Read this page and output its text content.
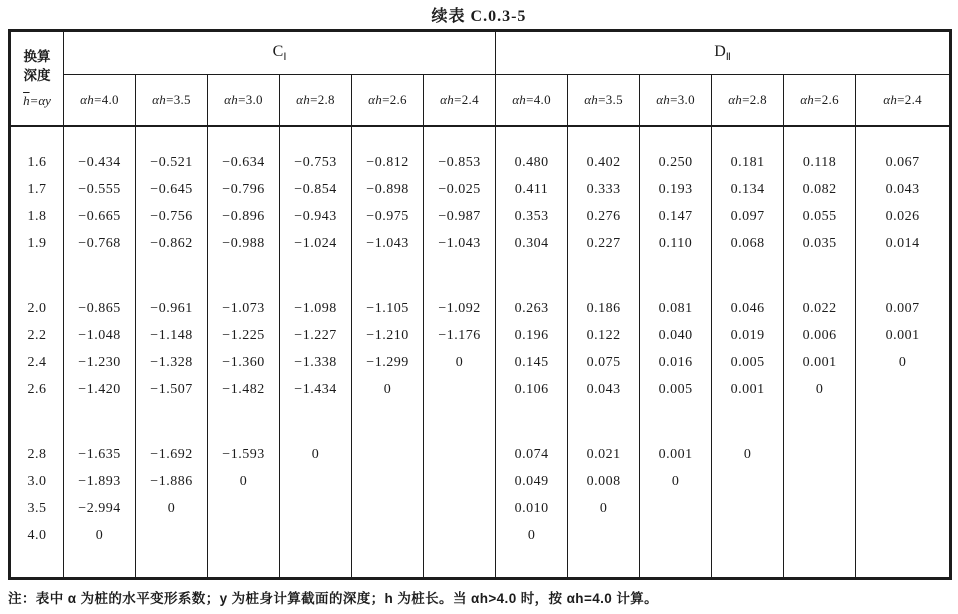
续表 C.0.3-5
换算
深度
$\overline{h}=\alpha y$	$C_Ⅰ$						$D_Ⅱ$
	αh=4.0	αh=3.5	αh=3.0	αh=2.8	αh=2.6	αh=2.4	αh=4.0	αh=3.5	αh=3.0	αh=2.8	αh=2.6	αh=2.4

1.6	−0.434	−0.521	−0.634	−0.753	−0.812	−0.853	0.480	0.402	0.250	0.181	0.118	0.067
1.7	−0.555	−0.645	−0.796	−0.854	−0.898	−0.025	0.411	0.333	0.193	0.134	0.082	0.043
1.8	−0.665	−0.756	−0.896	−0.943	−0.975	−0.987	0.353	0.276	0.147	0.097	0.055	0.026
1.9	−0.768	−0.862	−0.988	−1.024	−1.043	−1.043	0.304	0.227	0.110	0.068	0.035	0.014

2.0	−0.865	−0.961	−1.073	−1.098	−1.105	−1.092	0.263	0.186	0.081	0.046	0.022	0.007
2.2	−1.048	−1.148	−1.225	−1.227	−1.210	−1.176	0.196	0.122	0.040	0.019	0.006	0.001
2.4	−1.230	−1.328	−1.360	−1.338	−1.299	0	0.145	0.075	0.016	0.005	0.001	0
2.6	−1.420	−1.507	−1.482	−1.434	0		0.106	0.043	0.005	0.001	0	

2.8	−1.635	−1.692	−1.593	0			0.074	0.021	0.001	0		
3.0	−1.893	−1.886	0				0.049	0.008	0			
3.5	−2.994	0					0.010	0				
4.0	0						0					

注：表中 α 为桩的水平变形系数；y 为桩身计算截面的深度；h 为桩长。当 αh>4.0 时，按 αh=4.0 计算。
